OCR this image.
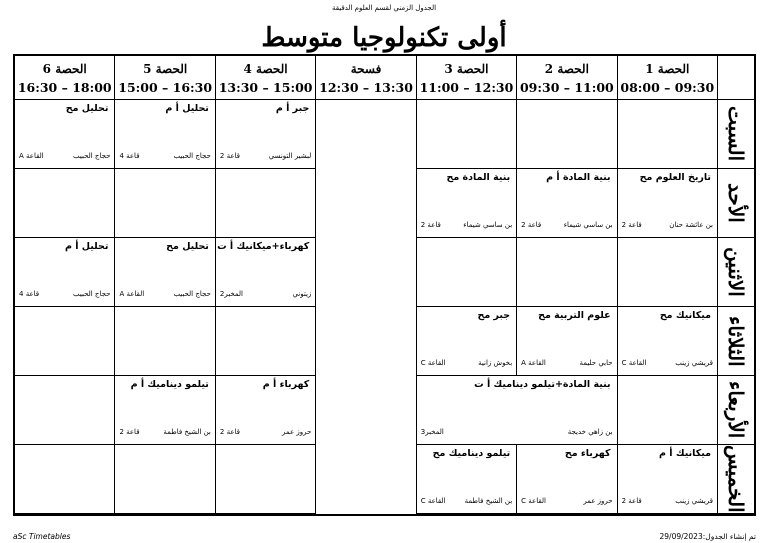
الجدول الزمني لقسم العلوم الدقيقة
أولى تكنولوجيا متوسط
الحصة 1
08:00 – 09:30
الحصة 2
09:30 – 11:00
الحصة 3
11:00 – 12:30
فسحة
12:30 – 13:30
الحصة 4
13:30 – 15:00
الحصة 5
15:00 – 16:30
الحصة 6
16:30 – 18:00
السبت
جبر أ م
لبشير التونسي
قاعة 2
تحليل أ م
حجاج الحبيب
قاعة 4
تحليل مح
حجاج الحبيب
القاعة A
الأحد
تاريخ العلوم مح
بن عائشة حنان
قاعة 2
بنية المادة أ م
بن ساسي شيماء
قاعة 2
بنية المادة مح
بن ساسي شيماء
قاعة 2
الاثنين
كهرباء+ميكانيك أ ت
زيتوني
المخبر2
تحليل مح
حجاج الحبيب
القاعة A
تحليل أ م
حجاج الحبيب
قاعة 4
الثلاثاء
ميكانيك مح
قريشي زينب
القاعة C
علوم التربية مح
حابي حليمة
القاعة A
جبر مح
بخوش زانية
القاعة C
الأربعاء
بنية المادة+تيلمو ديناميك أ ت
بن زاهي خديجة
المخبر3
كهرباء أ م
حروز عمر
قاعة 2
تيلمو ديناميك أ م
بن الشيخ فاطمة
قاعة 2
الخميس
ميكانيك أ م
قريشي زينب
قاعة 2
كهرباء مح
حروز عمر
القاعة C
تيلمو ديناميك مح
بن الشيخ فاطمة
القاعة C
aSc Timetables	تم إنشاء الجدول:29/09/2023
